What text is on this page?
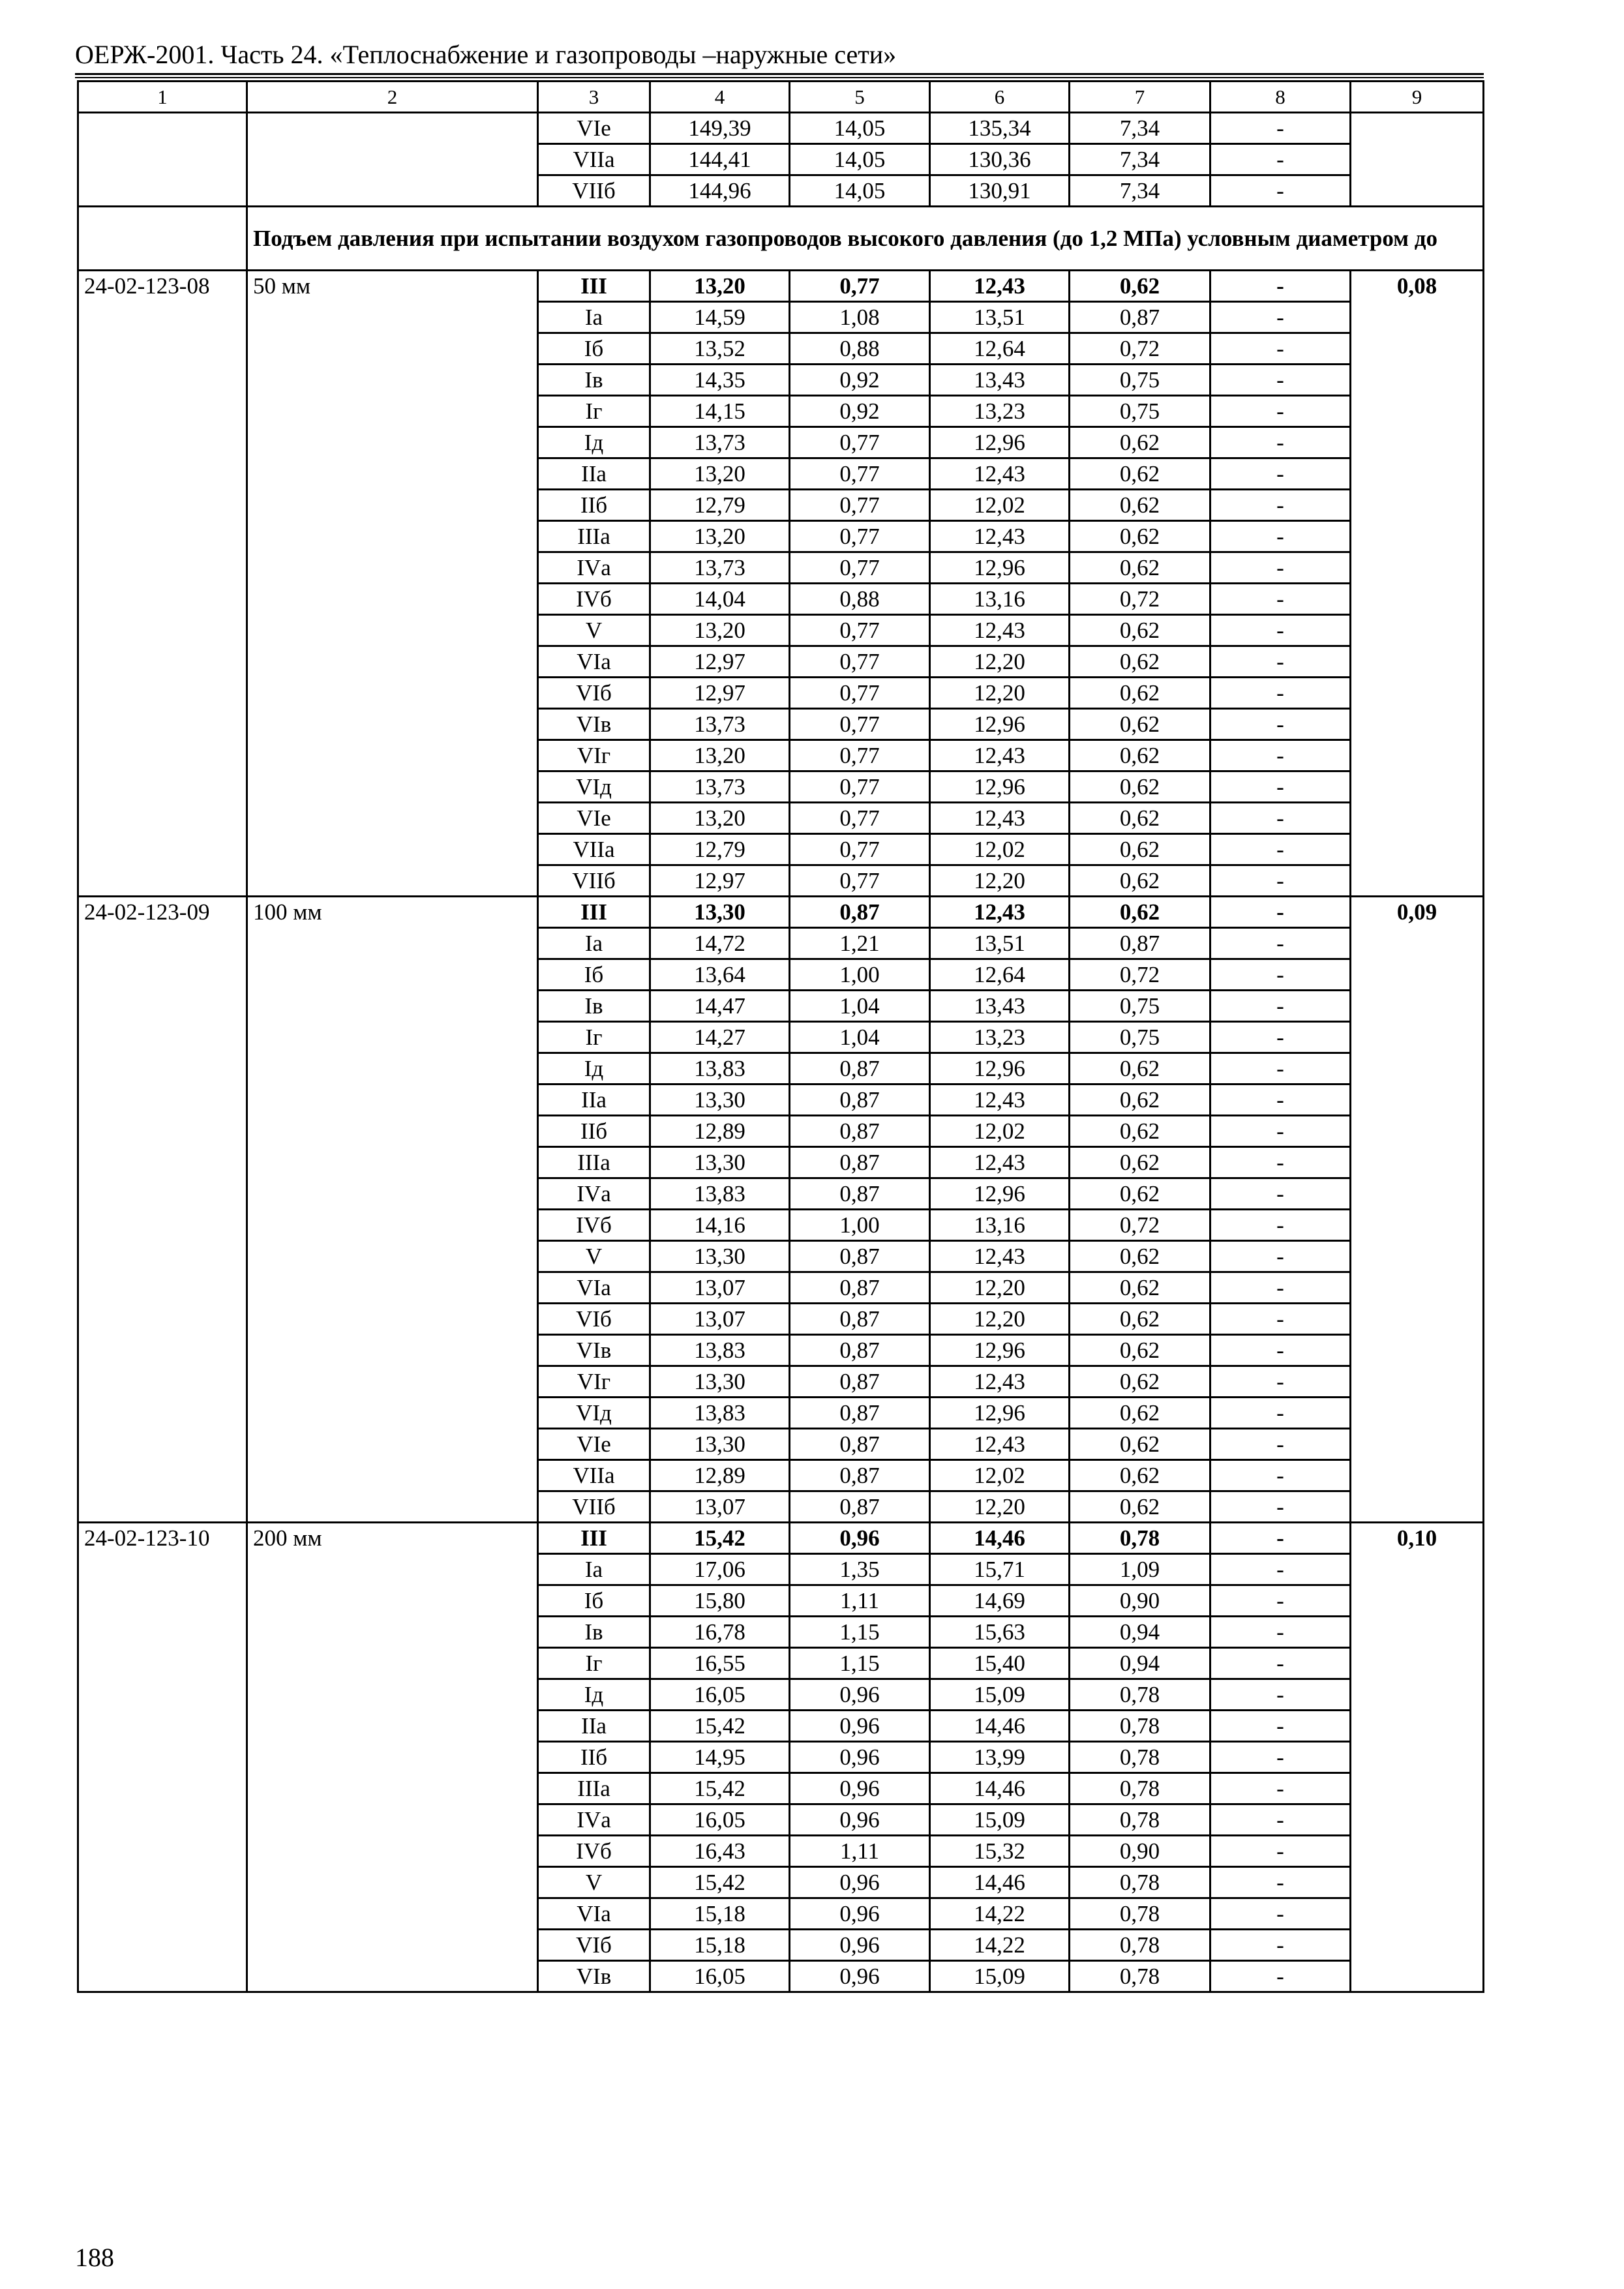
ОЕРЖ-2001. Часть 24. «Теплоснабжение и газопроводы –наружные сети»
1	2	3	4	5	6	7	8	9
		VIе	149,39	14,05	135,34	7,34	-	
		VIIа	144,41	14,05	130,36	7,34	-	
		VIIб	144,96	14,05	130,91	7,34	-	
	Подъем давления при испытании воздухом газопроводов высокого давления (до 1,2 МПа) условным диаметром до							
24-02-123-08	50 мм	III	13,20	0,77	12,43	0,62	-	0,08
		Iа	14,59	1,08	13,51	0,87	-	
		Iб	13,52	0,88	12,64	0,72	-	
		Iв	14,35	0,92	13,43	0,75	-	
		Iг	14,15	0,92	13,23	0,75	-	
		Iд	13,73	0,77	12,96	0,62	-	
		IIа	13,20	0,77	12,43	0,62	-	
		IIб	12,79	0,77	12,02	0,62	-	
		IIIа	13,20	0,77	12,43	0,62	-	
		IVа	13,73	0,77	12,96	0,62	-	
		IVб	14,04	0,88	13,16	0,72	-	
		V	13,20	0,77	12,43	0,62	-	
		VIа	12,97	0,77	12,20	0,62	-	
		VIб	12,97	0,77	12,20	0,62	-	
		VIв	13,73	0,77	12,96	0,62	-	
		VIг	13,20	0,77	12,43	0,62	-	
		VIд	13,73	0,77	12,96	0,62	-	
		VIе	13,20	0,77	12,43	0,62	-	
		VIIа	12,79	0,77	12,02	0,62	-	
		VIIб	12,97	0,77	12,20	0,62	-	
24-02-123-09	100 мм	III	13,30	0,87	12,43	0,62	-	0,09
		Iа	14,72	1,21	13,51	0,87	-	
		Iб	13,64	1,00	12,64	0,72	-	
		Iв	14,47	1,04	13,43	0,75	-	
		Iг	14,27	1,04	13,23	0,75	-	
		Iд	13,83	0,87	12,96	0,62	-	
		IIа	13,30	0,87	12,43	0,62	-	
		IIб	12,89	0,87	12,02	0,62	-	
		IIIа	13,30	0,87	12,43	0,62	-	
		IVа	13,83	0,87	12,96	0,62	-	
		IVб	14,16	1,00	13,16	0,72	-	
		V	13,30	0,87	12,43	0,62	-	
		VIа	13,07	0,87	12,20	0,62	-	
		VIб	13,07	0,87	12,20	0,62	-	
		VIв	13,83	0,87	12,96	0,62	-	
		VIг	13,30	0,87	12,43	0,62	-	
		VIд	13,83	0,87	12,96	0,62	-	
		VIе	13,30	0,87	12,43	0,62	-	
		VIIа	12,89	0,87	12,02	0,62	-	
		VIIб	13,07	0,87	12,20	0,62	-	
24-02-123-10	200 мм	III	15,42	0,96	14,46	0,78	-	0,10
		Iа	17,06	1,35	15,71	1,09	-	
		Iб	15,80	1,11	14,69	0,90	-	
		Iв	16,78	1,15	15,63	0,94	-	
		Iг	16,55	1,15	15,40	0,94	-	
		Iд	16,05	0,96	15,09	0,78	-	
		IIа	15,42	0,96	14,46	0,78	-	
		IIб	14,95	0,96	13,99	0,78	-	
		IIIа	15,42	0,96	14,46	0,78	-	
		IVа	16,05	0,96	15,09	0,78	-	
		IVб	16,43	1,11	15,32	0,90	-	
		V	15,42	0,96	14,46	0,78	-	
		VIа	15,18	0,96	14,22	0,78	-	
		VIб	15,18	0,96	14,22	0,78	-	
		VIв	16,05	0,96	15,09	0,78	-	
188
